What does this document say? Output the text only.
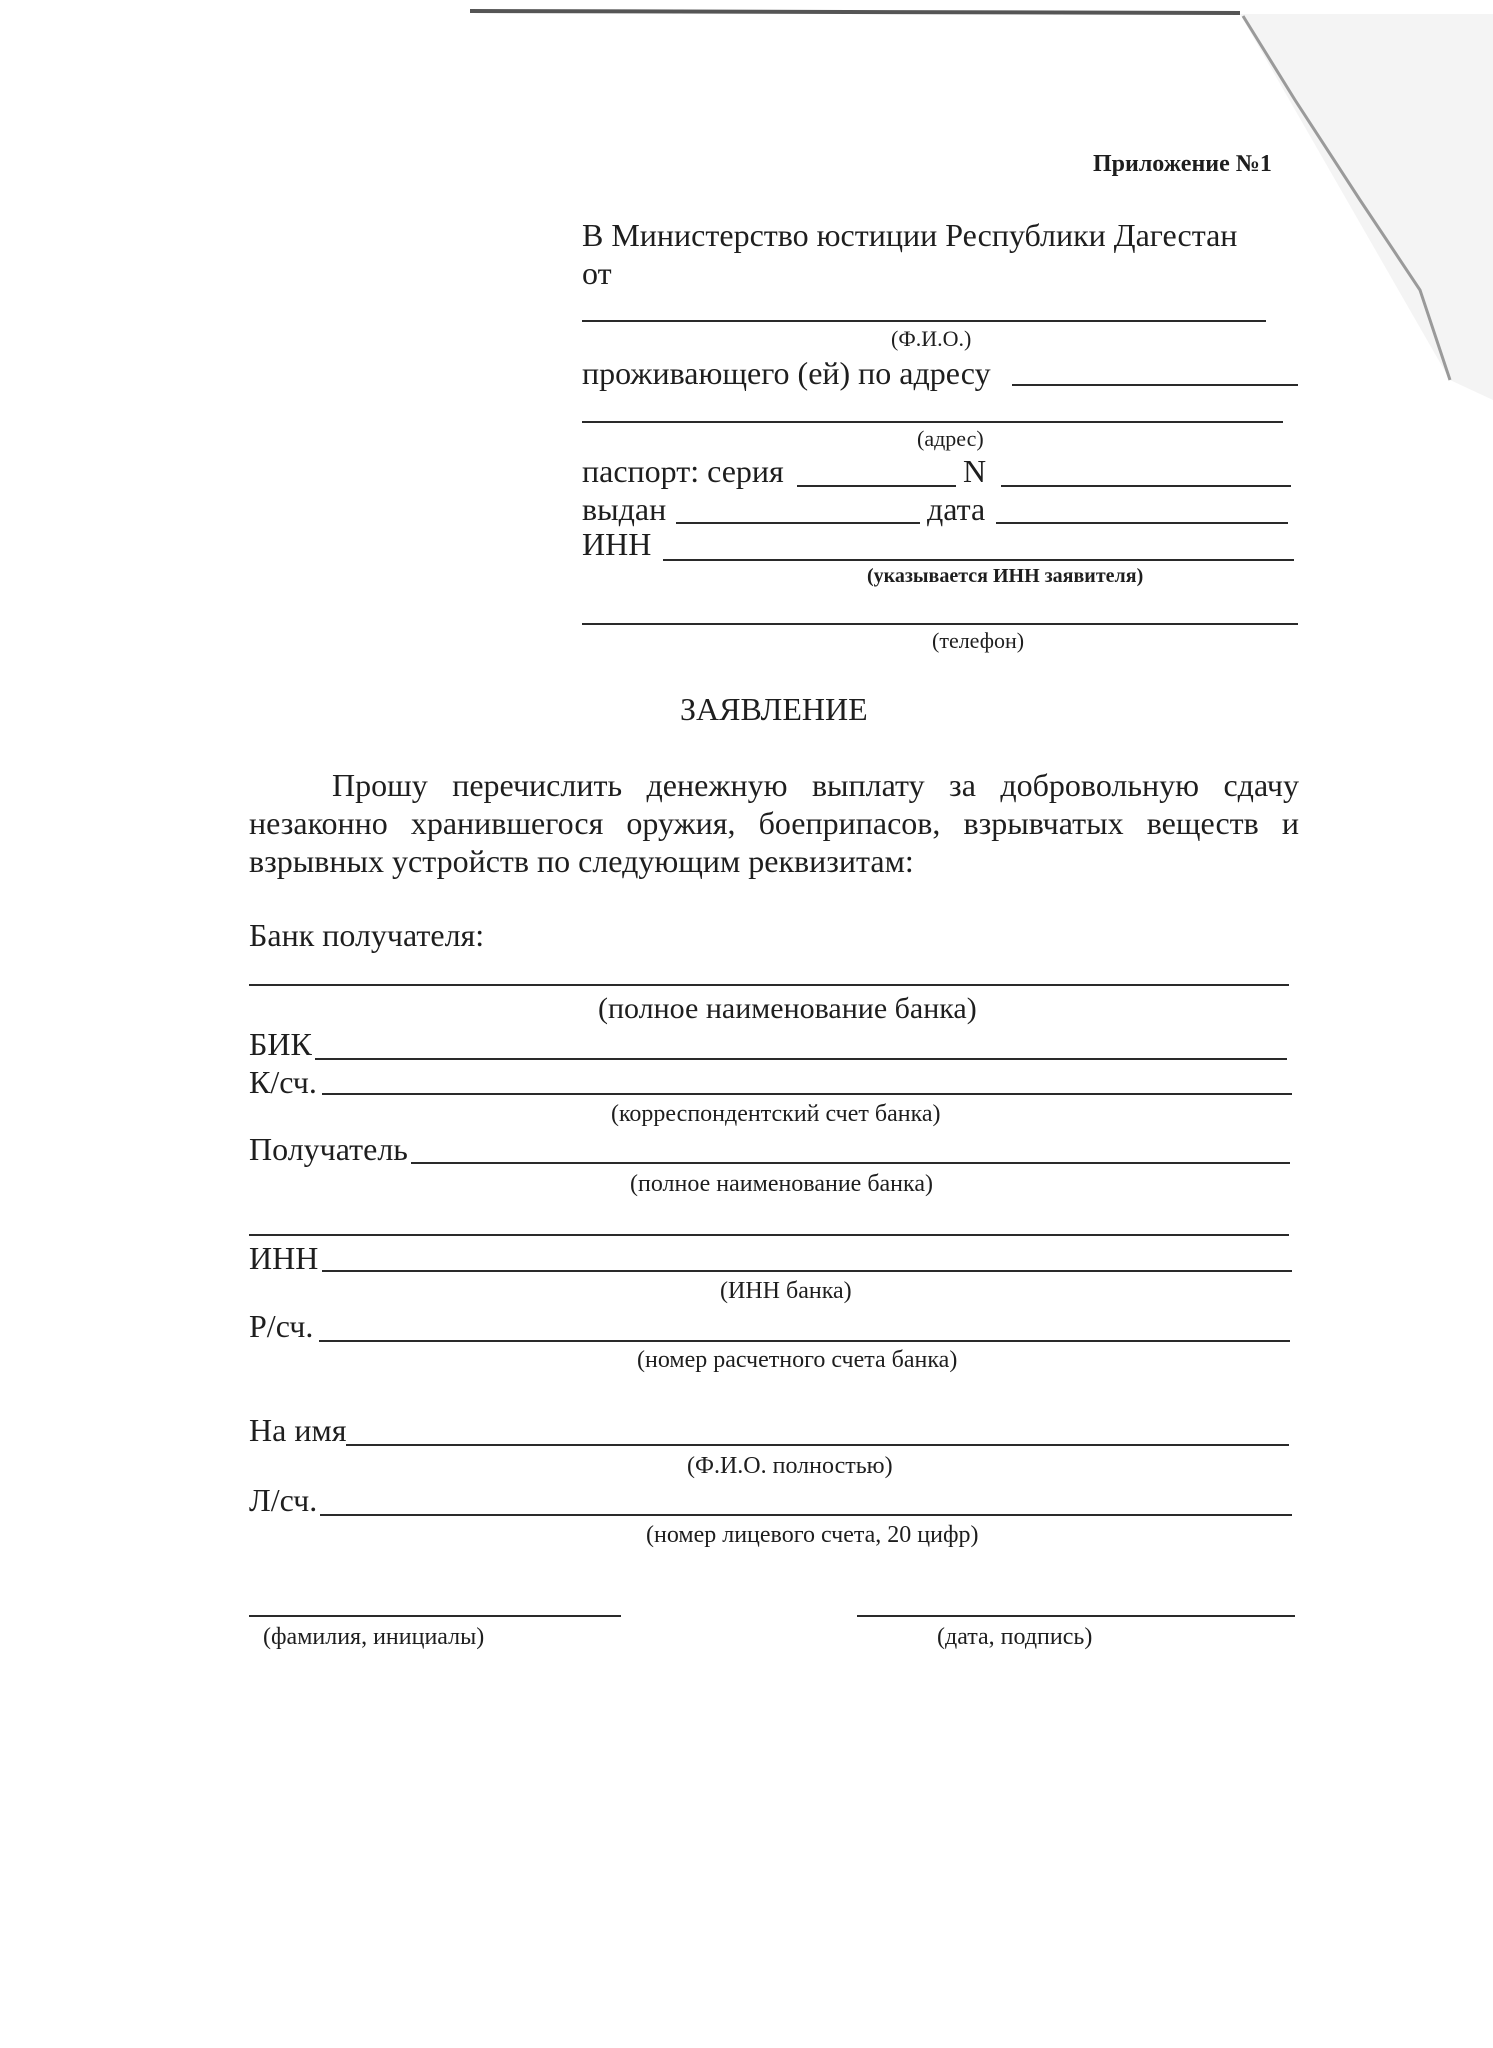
Приложение №1
В Министерство юстиции Республики Дагестан
от
(Ф.И.О.)
проживающего (ей) по адресу
(адрес)
паспорт: серия	N
выдан	дата
ИНН
(указывается ИНН заявителя)
(телефон)
ЗАЯВЛЕНИЕ
Прошу перечислить денежную выплату за добровольную сдачу
незаконно хранившегося оружия, боеприпасов, взрывчатых веществ и
взрывных устройств по следующим реквизитам:
Банк получателя:
(полное наименование банка)
БИК
К/сч.
(корреспондентский счет банка)
Получатель
(полное наименование банка)
ИНН
(ИНН банка)
Р/сч.
(номер расчетного счета банка)
На имя
(Ф.И.О. полностью)
Л/сч.
(номер лицевого счета, 20 цифр)
(фамилия, инициалы)	(дата, подпись)
